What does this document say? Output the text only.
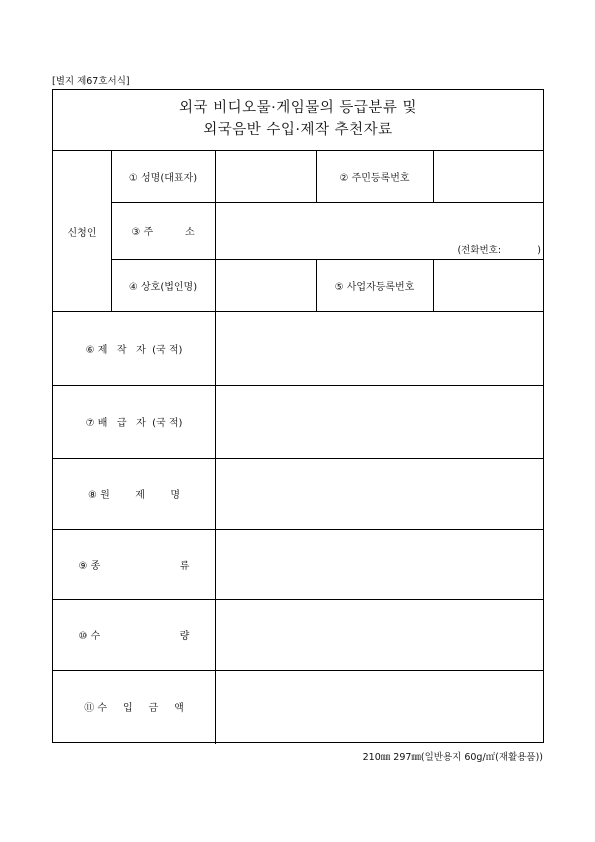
[별지 제67호서식]
외국 비디오물·게임물의 등급분류 및
외국음반 수입·제작 추천자료
신청인
① 성명(대표자)	② 주민등록번호
③ 주          소
(전화번호:            )
④ 상호(법인명)	⑤ 사업자등록번호
⑥ 제   작   자  (국 적)
⑦ 배   급   자  (국 적)
⑧ 원        제        명
⑨ 종                         류
⑩ 수                         량
⑪ 수     입     금     액
210㎜ 297㎜(일반용지 60g/㎡(재활용품))
